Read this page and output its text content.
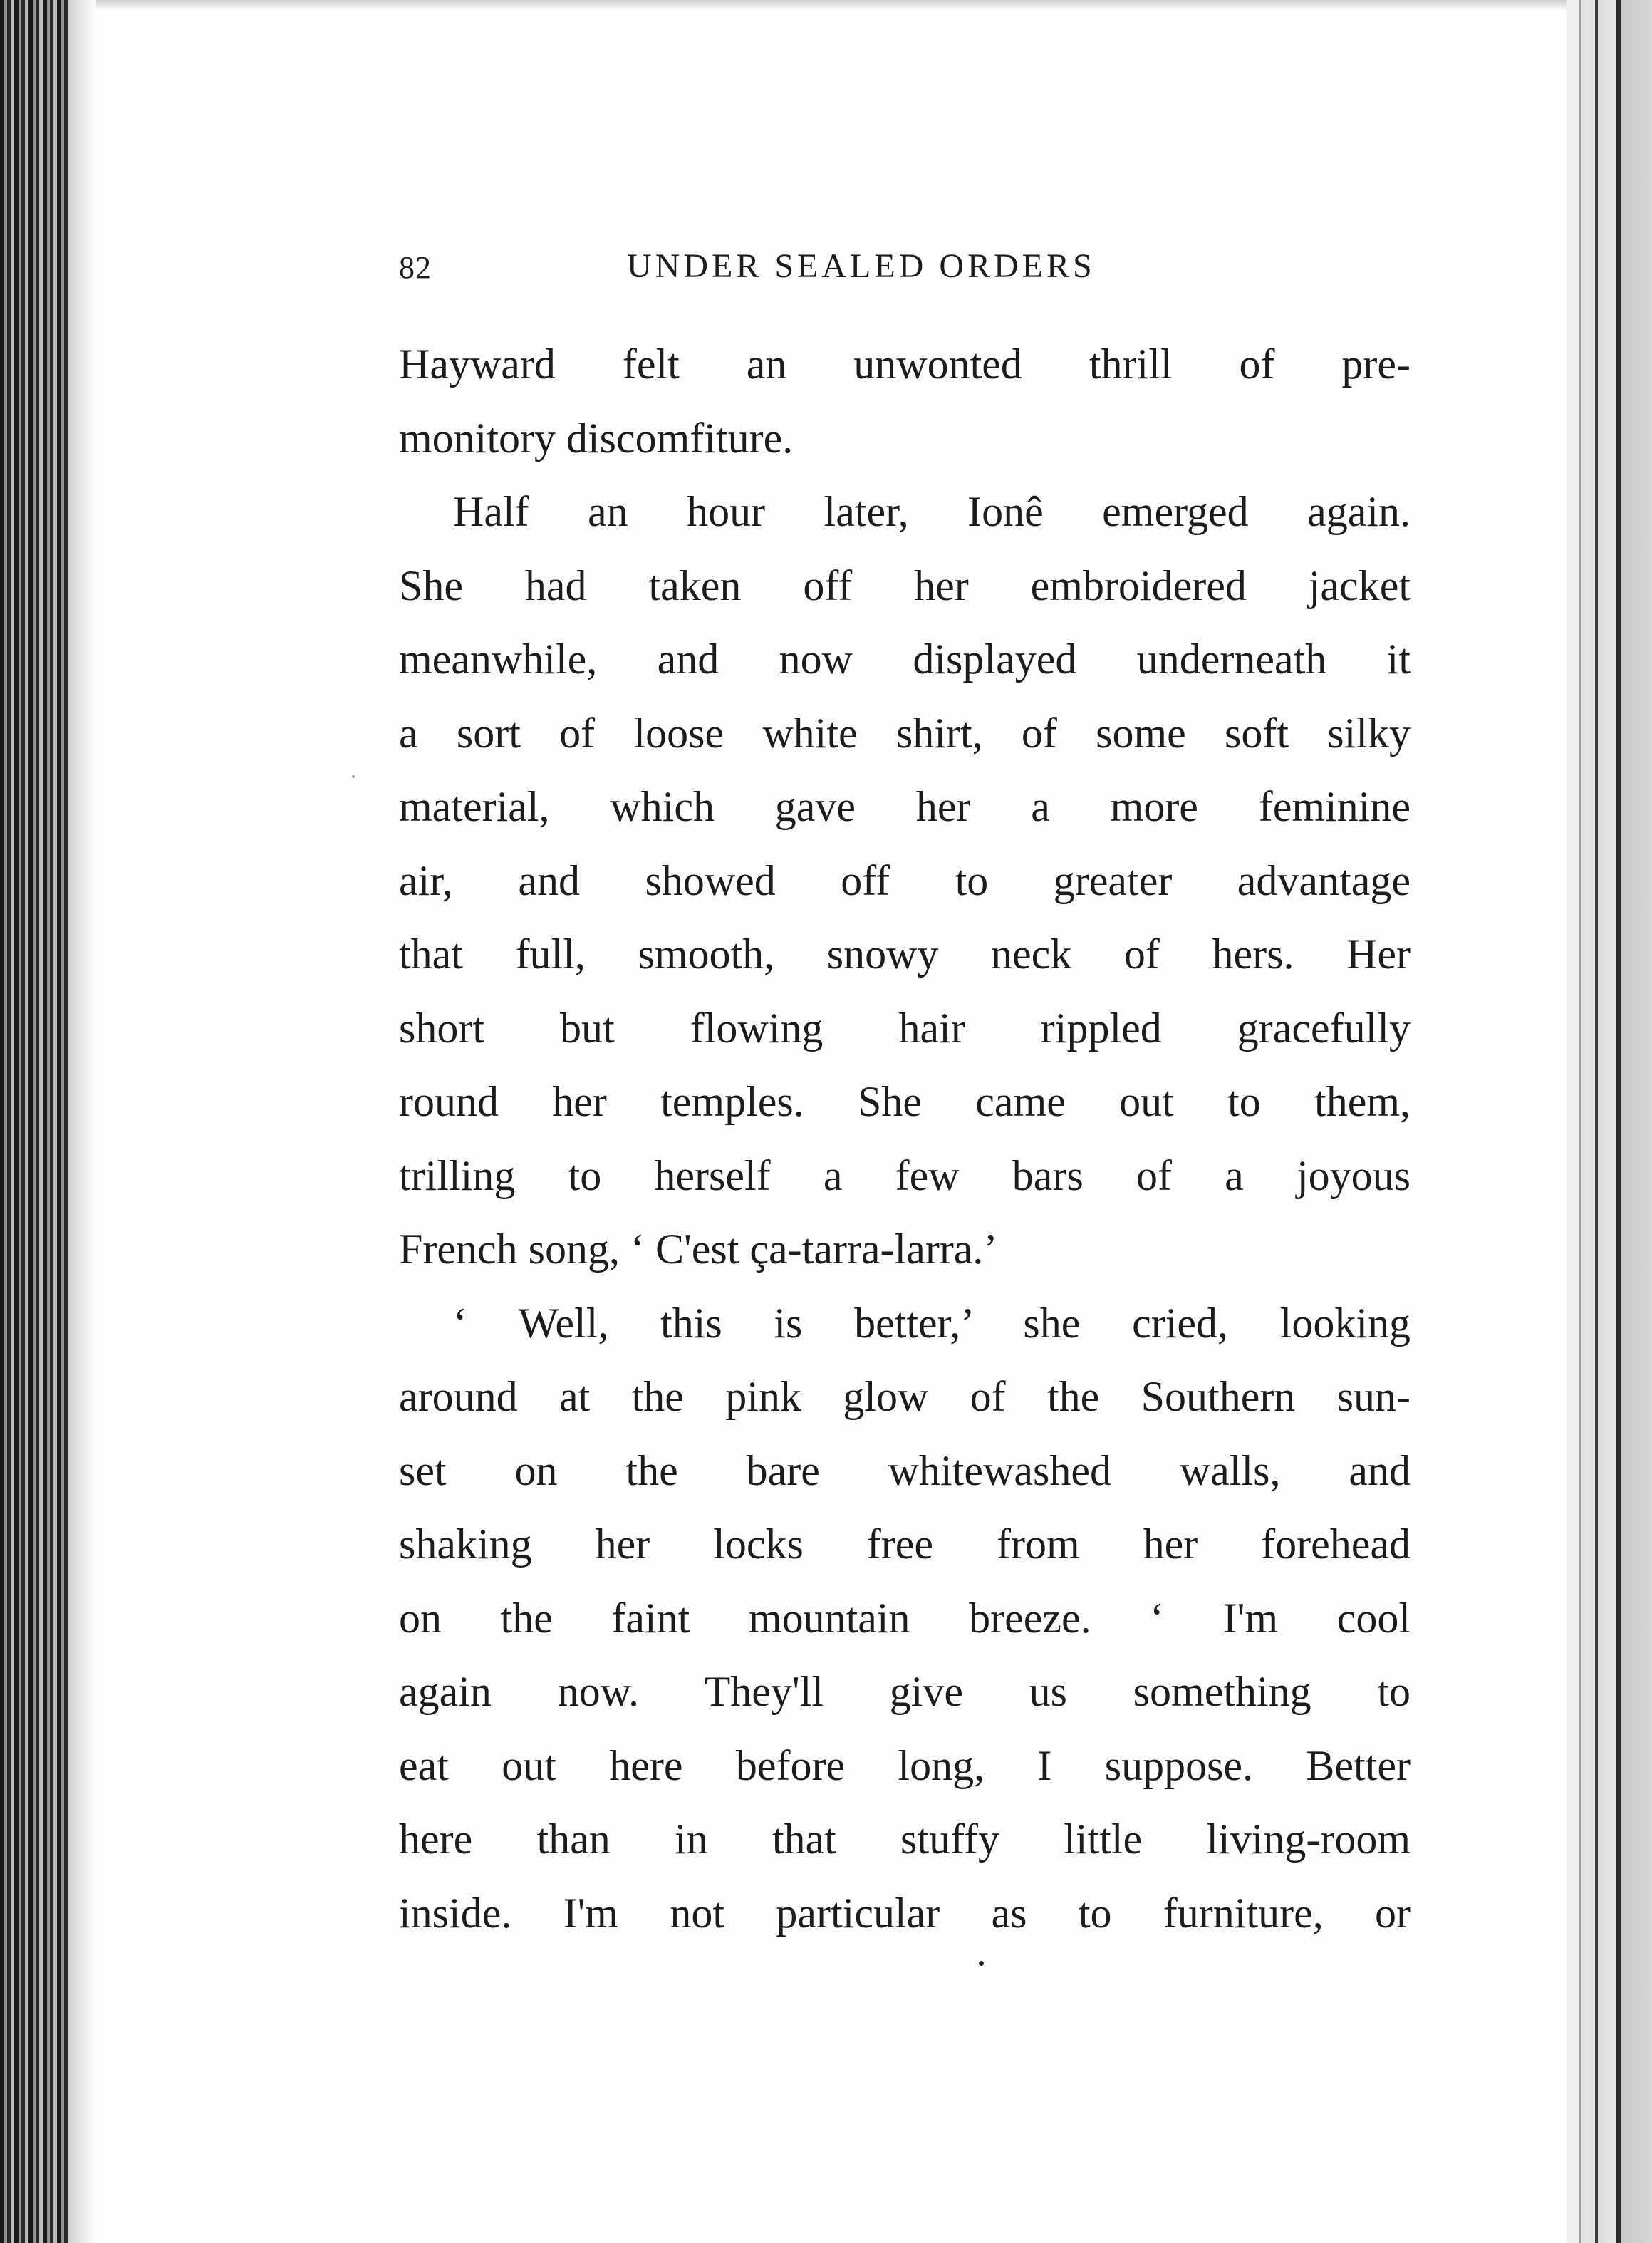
82	UNDER SEALED ORDERS
Hayward felt an unwonted thrill of pre-
monitory discomfiture.
Half an hour later, Ionê emerged again.
She had taken off her embroidered jacket
meanwhile, and now displayed underneath it
a sort of loose white shirt, of some soft silky
material, which gave her a more feminine
air, and showed off to greater advantage
that full, smooth, snowy neck of hers. Her
short but flowing hair rippled gracefully
round her temples. She came out to them,
trilling to herself a few bars of a joyous
French song, ‘ C'est ça-tarra-larra.’
‘ Well, this is better,’ she cried, looking
around at the pink glow of the Southern sun-
set on the bare whitewashed walls, and
shaking her locks free from her forehead
on the faint mountain breeze. ‘ I'm cool
again now. They'll give us something to
eat out here before long, I suppose. Better
here than in that stuffy little living-room
inside. I'm not particular as to furniture, or
